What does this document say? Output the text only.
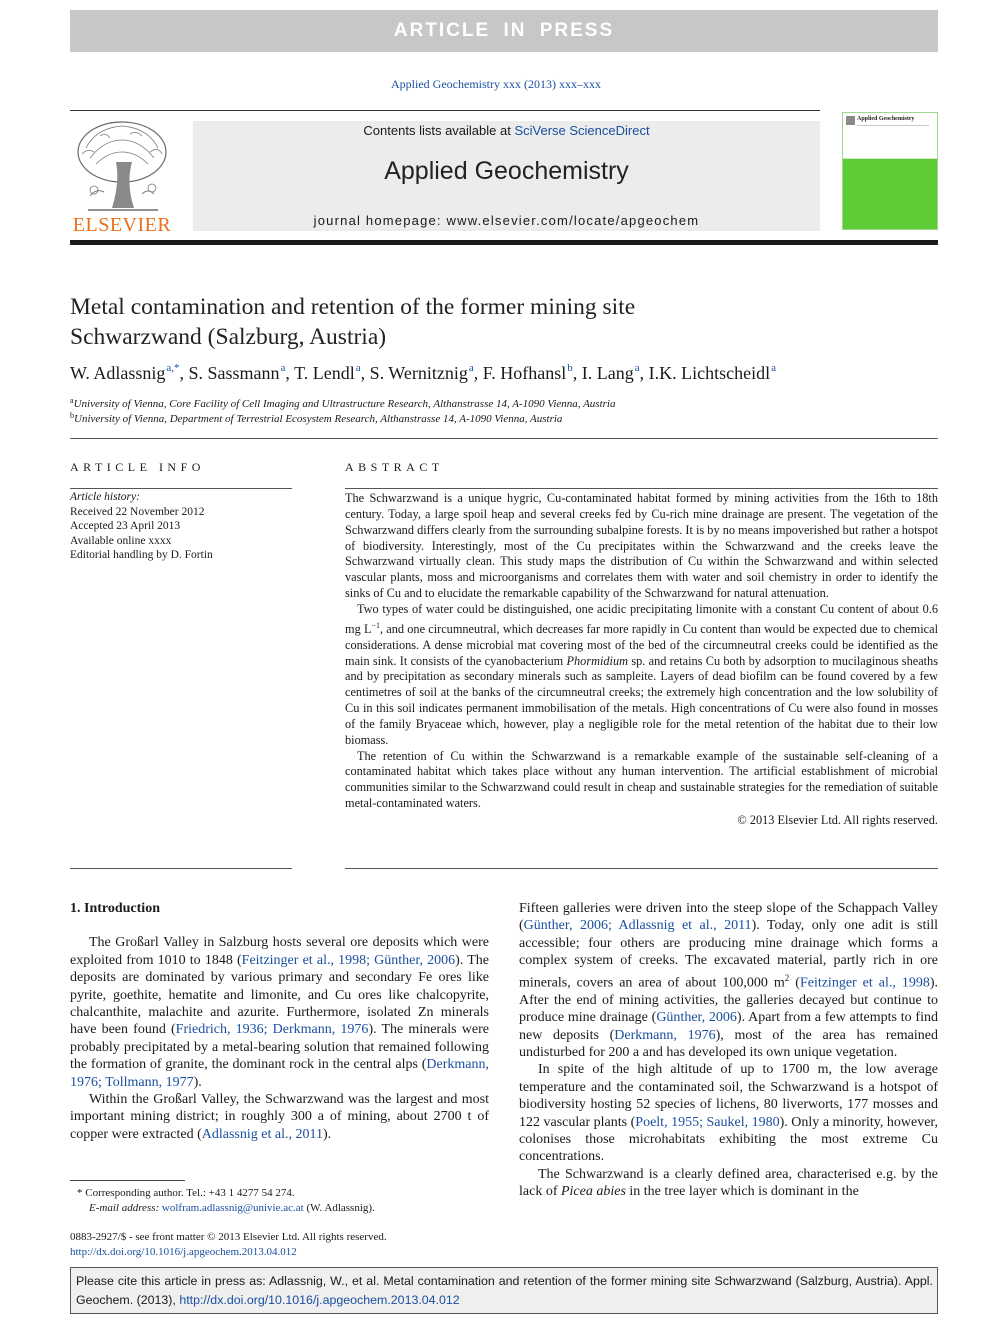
ARTICLE IN PRESS
Applied Geochemistry xxx (2013) xxx–xxx
ELSEVIER
Contents lists available at SciVerse ScienceDirect
Applied Geochemistry
journal homepage: www.elsevier.com/locate/apgeochem
Applied Geochemistry
Metal contamination and retention of the former mining site
Schwarzwand (Salzburg, Austria)
W. Adlassnig$^{a,*}$, S. Sassmann$^a$, T. Lendl$^a$, S. Wernitznig$^a$, F. Hofhansl$^b$, I. Lang$^a$, I.K. Lichtscheidl$^a$
$^a$University of Vienna, Core Facility of Cell Imaging and Ultrastructure Research, Althanstrasse 14, A-1090 Vienna, Austria
$^b$University of Vienna, Department of Terrestrial Ecosystem Research, Althanstrasse 14, A-1090 Vienna, Austria
ARTICLE INFO
Article history:
Received 22 November 2012
Accepted 23 April 2013
Available online xxxx
Editorial handling by D. Fortin
ABSTRACT

The Schwarzwand is a unique hygric, Cu-contaminated habitat formed by mining activities from the 16th to 18th century. Today, a large spoil heap and several creeks fed by Cu-rich mine drainage are present. The vegetation of the Schwarzwand differs clearly from the surrounding subalpine forests. It is by no means impoverished but rather a hotspot of biodiversity. Interestingly, most of the Cu precipitates within the Schwarzwand and the creeks leave the Schwarzwand virtually clean. This study maps the distribution of Cu within the Schwarzwand and within selected vascular plants, moss and microorganisms and correlates them with water and soil chemistry in order to identify the sinks of Cu and to elucidate the remarkable capability of the Schwarzwand for natural attenuation.

Two types of water could be distinguished, one acidic precipitating limonite with a constant Cu content of about 0.6 mg $L^{-1}$, and one circumneutral, which decreases far more rapidly in Cu content than would be expected due to chemical considerations. A dense microbial mat covering most of the bed of the circumneutral creeks could be identified as the main sink. It consists of the cyanobacterium Phormidium sp. and retains Cu both by adsorption to mucilaginous sheaths and by precipitation as secondary minerals such as sampleite. Layers of dead biofilm can be found covered by a few centimetres of soil at the banks of the circumneutral creeks; the extremely high concentration and the low solubility of Cu in this soil indicates permanent immobilisation of the metals. High concentrations of Cu were also found in mosses of the family Bryaceae which, however, play a negligible role for the metal retention of the habitat due to their low biomass.

The retention of Cu within the Schwarzwand is a remarkable example of the sustainable self-cleaning of a contaminated habitat which takes place without any human intervention. The artificial establishment of microbial communities similar to the Schwarzwand could result in cheap and sustainable strategies for the remediation of suitable metal-contaminated waters.

© 2013 Elsevier Ltd. All rights reserved.

1. Introduction

The Großarl Valley in Salzburg hosts several ore deposits which were exploited from 1010 to 1848 (Feitzinger et al., 1998; Günther, 2006). The deposits are dominated by various primary and secondary Fe ores like pyrite, goethite, hematite and limonite, and Cu ores like chalcopyrite, chalcanthite, malachite and azurite. Furthermore, isolated Zn minerals have been found (Friedrich, 1936; Derkmann, 1976). The minerals were probably precipitated by a metal-bearing solution that remained following the formation of granite, the dominant rock in the central alps (Derkmann, 1976; Tollmann, 1977).

Within the Großarl Valley, the Schwarzwand was the largest and most important mining district; in roughly 300 a of mining, about 2700 t of copper were extracted (Adlassnig et al., 2011).

Fifteen galleries were driven into the steep slope of the Schappach Valley (Günther, 2006; Adlassnig et al., 2011). Today, only one adit is still accessible; four others are producing mine drainage which forms a complex system of creeks. The excavated material, partly rich in ore minerals, covers an area of about 100,000 $m^2$ (Feitzinger et al., 1998). After the end of mining activities, the galleries decayed but continue to produce mine drainage (Günther, 2006). Apart from a few attempts to find new deposits (Derkmann, 1976), most of the area has remained undisturbed for 200 a and has developed its own unique vegetation.

In spite of the high altitude of up to 1700 m, the low average temperature and the contaminated soil, the Schwarzwand is a hotspot of biodiversity hosting 52 species of lichens, 80 liverworts, 177 mosses and 122 vascular plants (Poelt, 1955; Saukel, 1980). Only a minority, however, colonises those microhabitats exhibiting the most extreme Cu concentrations.

The Schwarzwand is a clearly defined area, characterised e.g. by the lack of Picea abies in the tree layer which is dominant in the

* Corresponding author. Tel.: +43 1 4277 54 274.
E-mail address: wolfram.adlassnig@univie.ac.at (W. Adlassnig).
0883-2927/$ - see front matter © 2013 Elsevier Ltd. All rights reserved.
http://dx.doi.org/10.1016/j.apgeochem.2013.04.012
Please cite this article in press as: Adlassnig, W., et al. Metal contamination and retention of the former mining site Schwarzwand (Salzburg, Austria). Appl. Geochem. (2013), http://dx.doi.org/10.1016/j.apgeochem.2013.04.012
